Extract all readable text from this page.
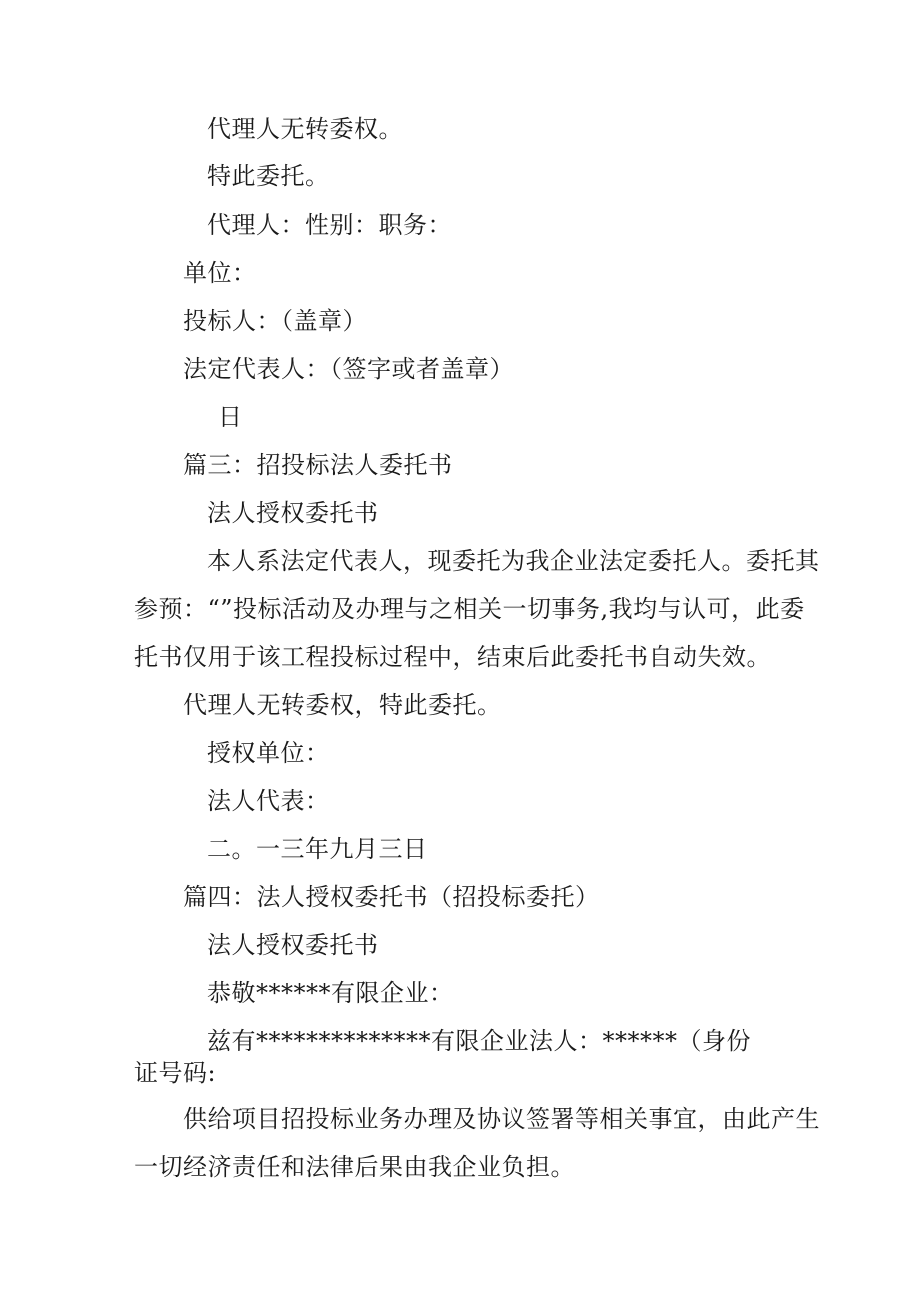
代理人无转委权。
特此委托。
代理人：性别：职务：
单位：
投标人：（盖章）
法定代表人：（签字或者盖章）
日
篇三：招投标法人委托书
法人授权委托书
本人系法定代表人，现委托为我企业法定委托人。委托其
参预：“”投标活动及办理与之相关一切事务,我均与认可，此委
托书仅用于该工程投标过程中，结束后此委托书自动失效。
代理人无转委权，特此委托。
授权单位：
法人代表：
二。一三年九月三日
篇四：法人授权委托书（招投标委托）
法人授权委托书
恭敬******有限企业：
兹有**************有限企业法人：******（身份
证号码:
供给项目招投标业务办理及协议签署等相关事宜，由此产生
一切经济责任和法律后果由我企业负担。
